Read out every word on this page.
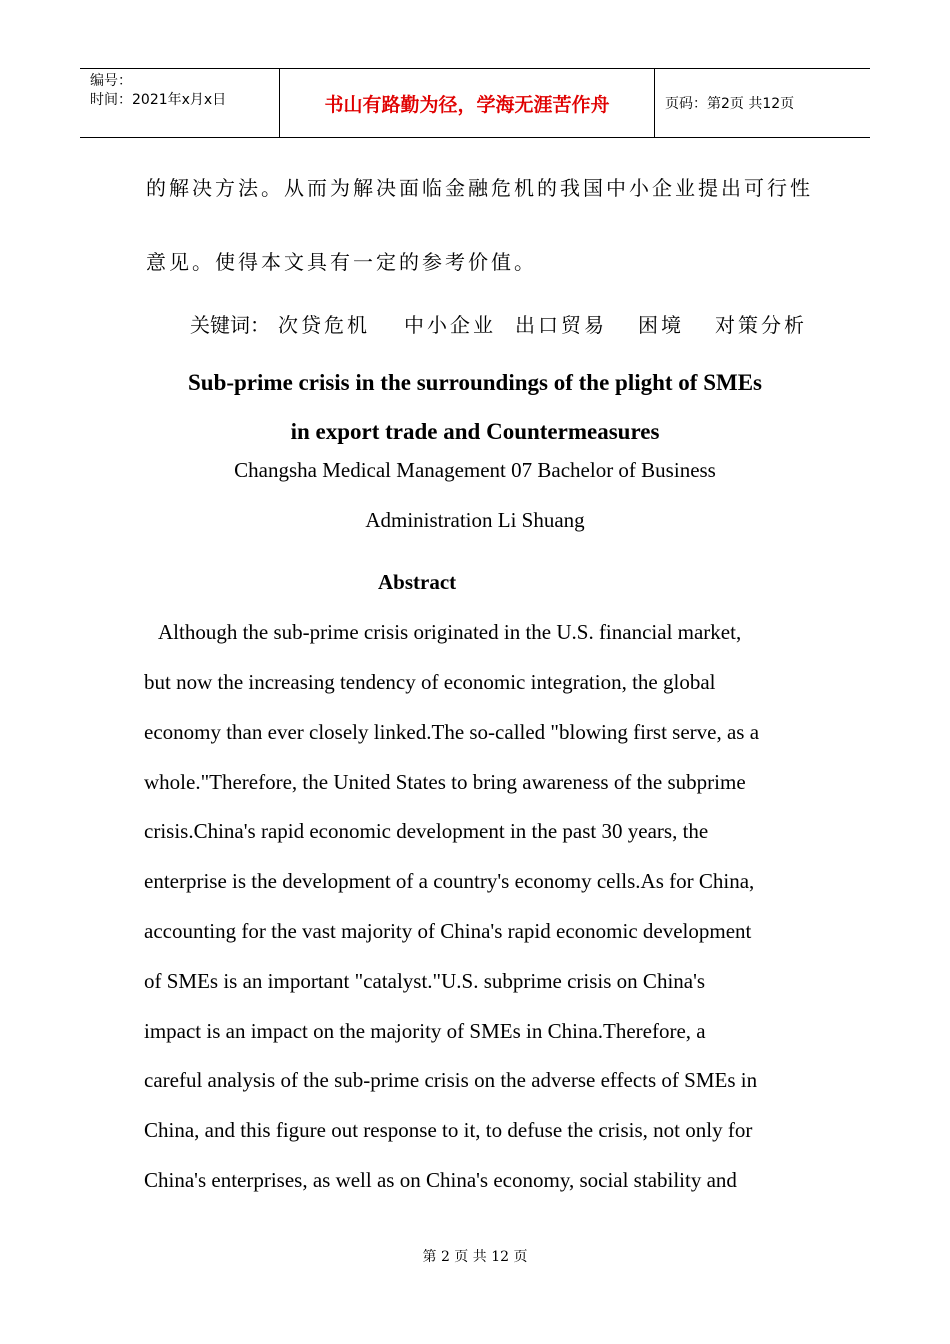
编号：
时间：2021年x月x日	书山有路勤为径，学海无涯苦作舟	页码：第2页 共12页
的解决方法。从而为解决面临金融危机的我国中小企业提出可行性
意见。使得本文具有一定的参考价值。
关键词： 次贷危机 中小企业 出口贸易 困境 对策分析
Sub-prime crisis in the surroundings of the plight of SMEs
in export trade and Countermeasures
Changsha Medical Management 07 Bachelor of Business
Administration Li Shuang
Abstract
Although the sub-prime crisis originated in the U.S. financial market,
but now the increasing tendency of economic integration, the global
economy than ever closely linked.The so-called "blowing first serve, as a
whole."Therefore, the United States to bring awareness of the subprime
crisis.China's rapid economic development in the past 30 years, the
enterprise is the development of a country's economy cells.As for China,
accounting for the vast majority of China's rapid economic development
of SMEs is an important "catalyst."U.S. subprime crisis on China's
impact is an impact on the majority of SMEs in China.Therefore, a
careful analysis of the sub-prime crisis on the adverse effects of SMEs in
China, and this figure out response to it, to defuse the crisis, not only for
China's enterprises, as well as on China's economy, social stability and
第 2 页 共 12 页
